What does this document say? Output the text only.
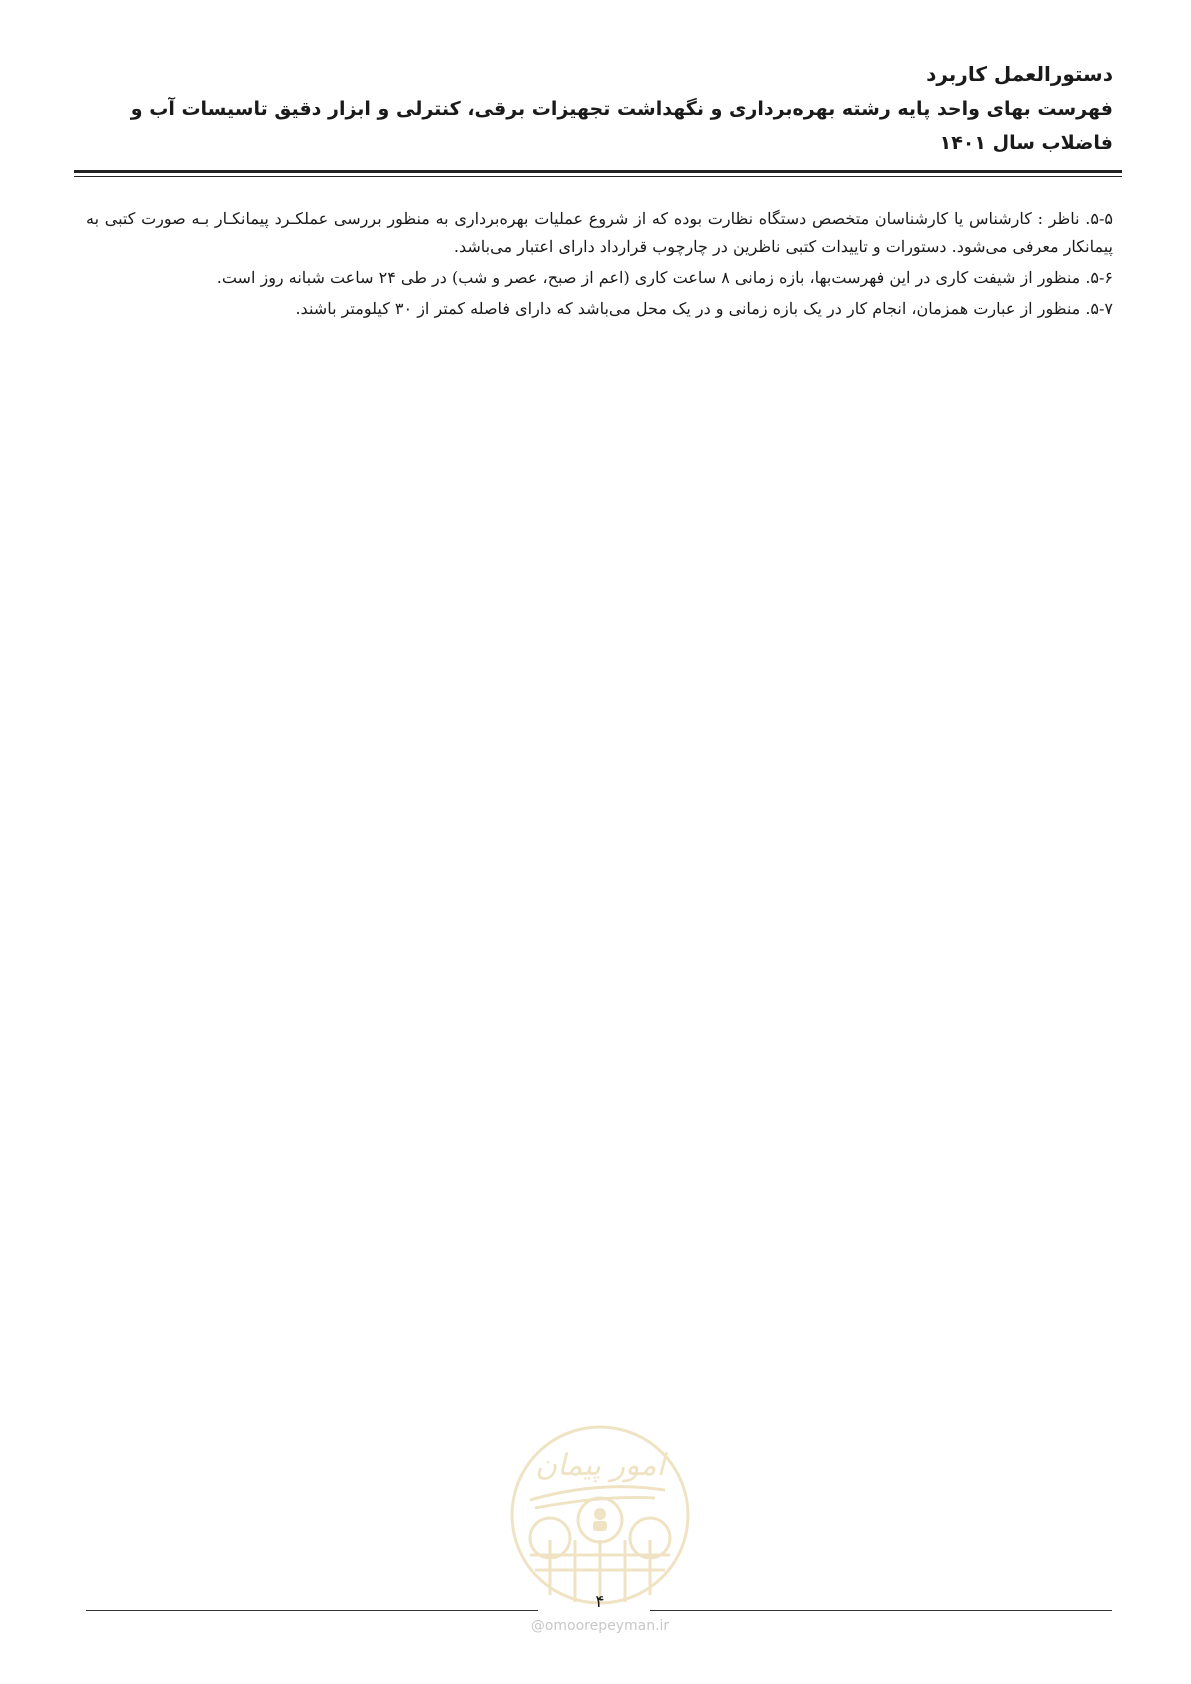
دستورالعمل کاربرد
فهرست بهای واحد پایه رشته بهره‌برداری و نگهداشت تجهیزات برقی، کنترلی و ابزار دقیق تاسیسات آب و فاضلاب سال ۱۴۰۱

۵-۵. ناظر : کارشناس یا کارشناسان متخصص دستگاه نظارت بوده که از شروع عملیات بهره‌برداری به منظور بررسی عملکـرد پیمانکـار بـه صورت کتبی به پیمانکار معرفی می‌شود. دستورات و تاییدات کتبی ناظرین در چارچوب قرارداد دارای اعتبار می‌باشد.

۵-۶. منظور از شیفت کاری در این فهرست‌بها، بازه زمانی ۸ ساعت کاری (اعم از صبح، عصر و شب) در طی ۲۴ ساعت شبانه روز است.

۵-۷. منظور از عبارت همزمان، انجام کار در یک بازه زمانی و در یک محل می‌باشد که دارای فاصله کمتر از ۳۰ کیلومتر باشند.

امور پیمان
۴
@omoorepeyman.ir
